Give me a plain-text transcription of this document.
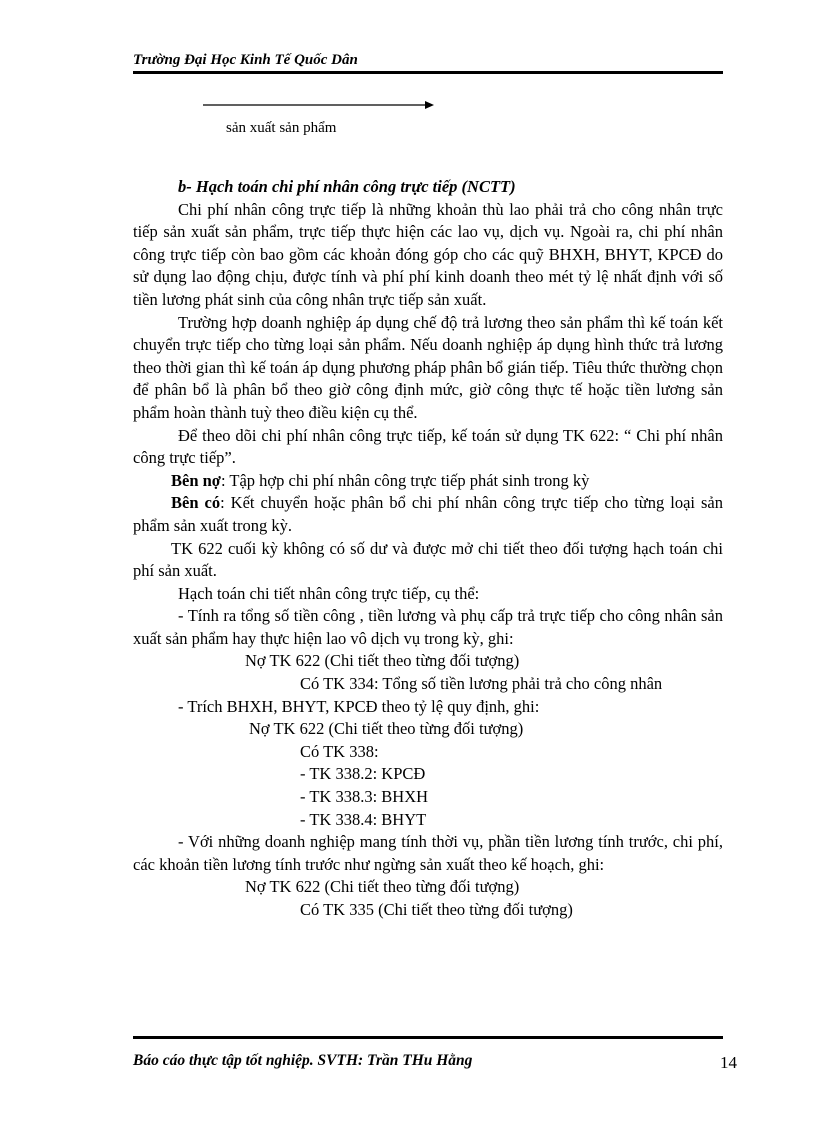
Trường Đại Học Kinh Tế Quốc Dân
sản xuất sản phẩm

b- Hạch toán chi phí nhân công trực tiếp (NCTT)

Chi phí nhân công trực tiếp là những khoản thù lao phải trả cho công nhân trực tiếp sản xuất sản phẩm, trực tiếp thực hiện các lao vụ, dịch vụ. Ngoài ra, chi phí nhân công trực tiếp còn bao gồm các khoản đóng góp cho các quỹ BHXH, BHYT, KPCĐ do sử dụng lao động chịu, được tính và phí phí kinh doanh theo mét tỷ lệ nhất định với số tiền lương phát sinh của công nhân trực tiếp sản xuất.

Trường hợp doanh nghiệp áp dụng chế độ trả lương theo sản phẩm thì kế toán kết chuyển trực tiếp cho từng loại sản phẩm. Nếu doanh nghiệp áp dụng hình thức trả lương theo thời gian thì kế toán áp dụng phương pháp phân bổ gián tiếp. Tiêu thức thường chọn để phân bổ là phân bổ theo giờ công định mức, giờ công thực tế hoặc tiền lương sản phẩm hoàn thành tuỳ theo điều kiện cụ thể.

Để theo dõi chi phí nhân công trực tiếp, kế toán sử dụng TK 622: “ Chi phí nhân công trực tiếp”.

Bên nợ: Tập hợp chi phí nhân công trực tiếp phát sinh trong kỳ

Bên có: Kết chuyển hoặc phân bổ chi phí nhân công trực tiếp cho từng loại sản phẩm sản xuất trong kỳ.

TK 622 cuối kỳ không có số dư và được mở chi tiết theo đối tượng hạch toán chi phí sản xuất.

Hạch toán chi tiết nhân công trực tiếp, cụ thể:

- Tính ra tổng số tiền công , tiền lương và phụ cấp trả trực tiếp cho công nhân sản xuất sản phẩm hay thực hiện lao vô dịch vụ trong kỳ, ghi:

Nợ TK 622 (Chi tiết theo từng đối tượng)

Có TK 334: Tổng số tiền lương phải trả cho công nhân

- Trích BHXH, BHYT, KPCĐ theo tỷ lệ quy định, ghi:

Nợ TK 622 (Chi tiết theo từng đối tượng)

Có TK 338:

- TK 338.2: KPCĐ

- TK 338.3: BHXH

- TK 338.4: BHYT

- Với những doanh nghiệp mang tính thời vụ, phần tiền lương tính trước, chi phí, các khoản tiền lương tính trước như ngừng sản xuất theo kế hoạch, ghi:

Nợ TK 622 (Chi tiết theo từng đối tượng)

Có TK 335 (Chi tiết theo từng đối tượng)

Báo cáo thực tập tốt nghiệp. SVTH: Trần THu Hằng	14
